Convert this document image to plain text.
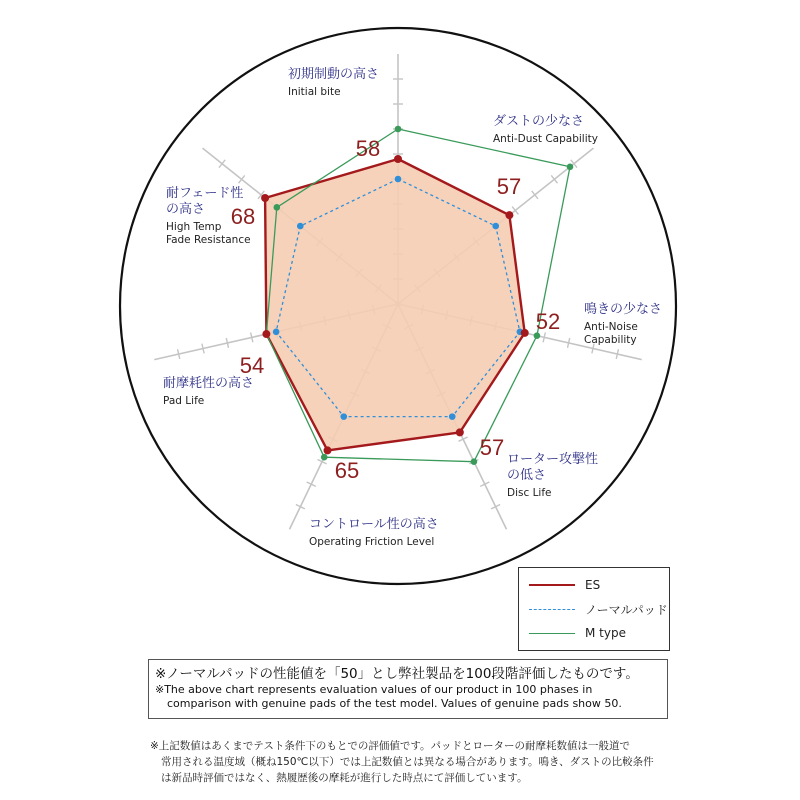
初期制動の高さ
Initial bite
58
ダストの少なさ
Anti-Dust Capability
57
鳴きの少なさ
Anti-Noise
Capability
52
ローター攻撃性
の低さ
Disc Life
57
コントロール性の高さ
Operating Friction Level
65
耐摩耗性の高さ
Pad Life
54
耐フェード性
の高さ
High Temp
Fade Resistance
68
ES
ノーマルパッド
M type
※ノーマルパッドの性能値を「50」とし弊社製品を100段階評価したものです。
※The above chart represents evaluation values of our product in 100 phases in
comparison with genuine pads of the test model. Values of genuine pads show 50.

※上記数値はあくまでテスト条件下のもとでの評価値です。パッドとローターの耐摩耗数値は一般道で

常用される温度域（概ね150℃以下）では上記数値とは異なる場合があります。鳴き、ダストの比較条件

は新品時評価ではなく、熱履歴後の摩耗が進行した時点にて評価しています。
